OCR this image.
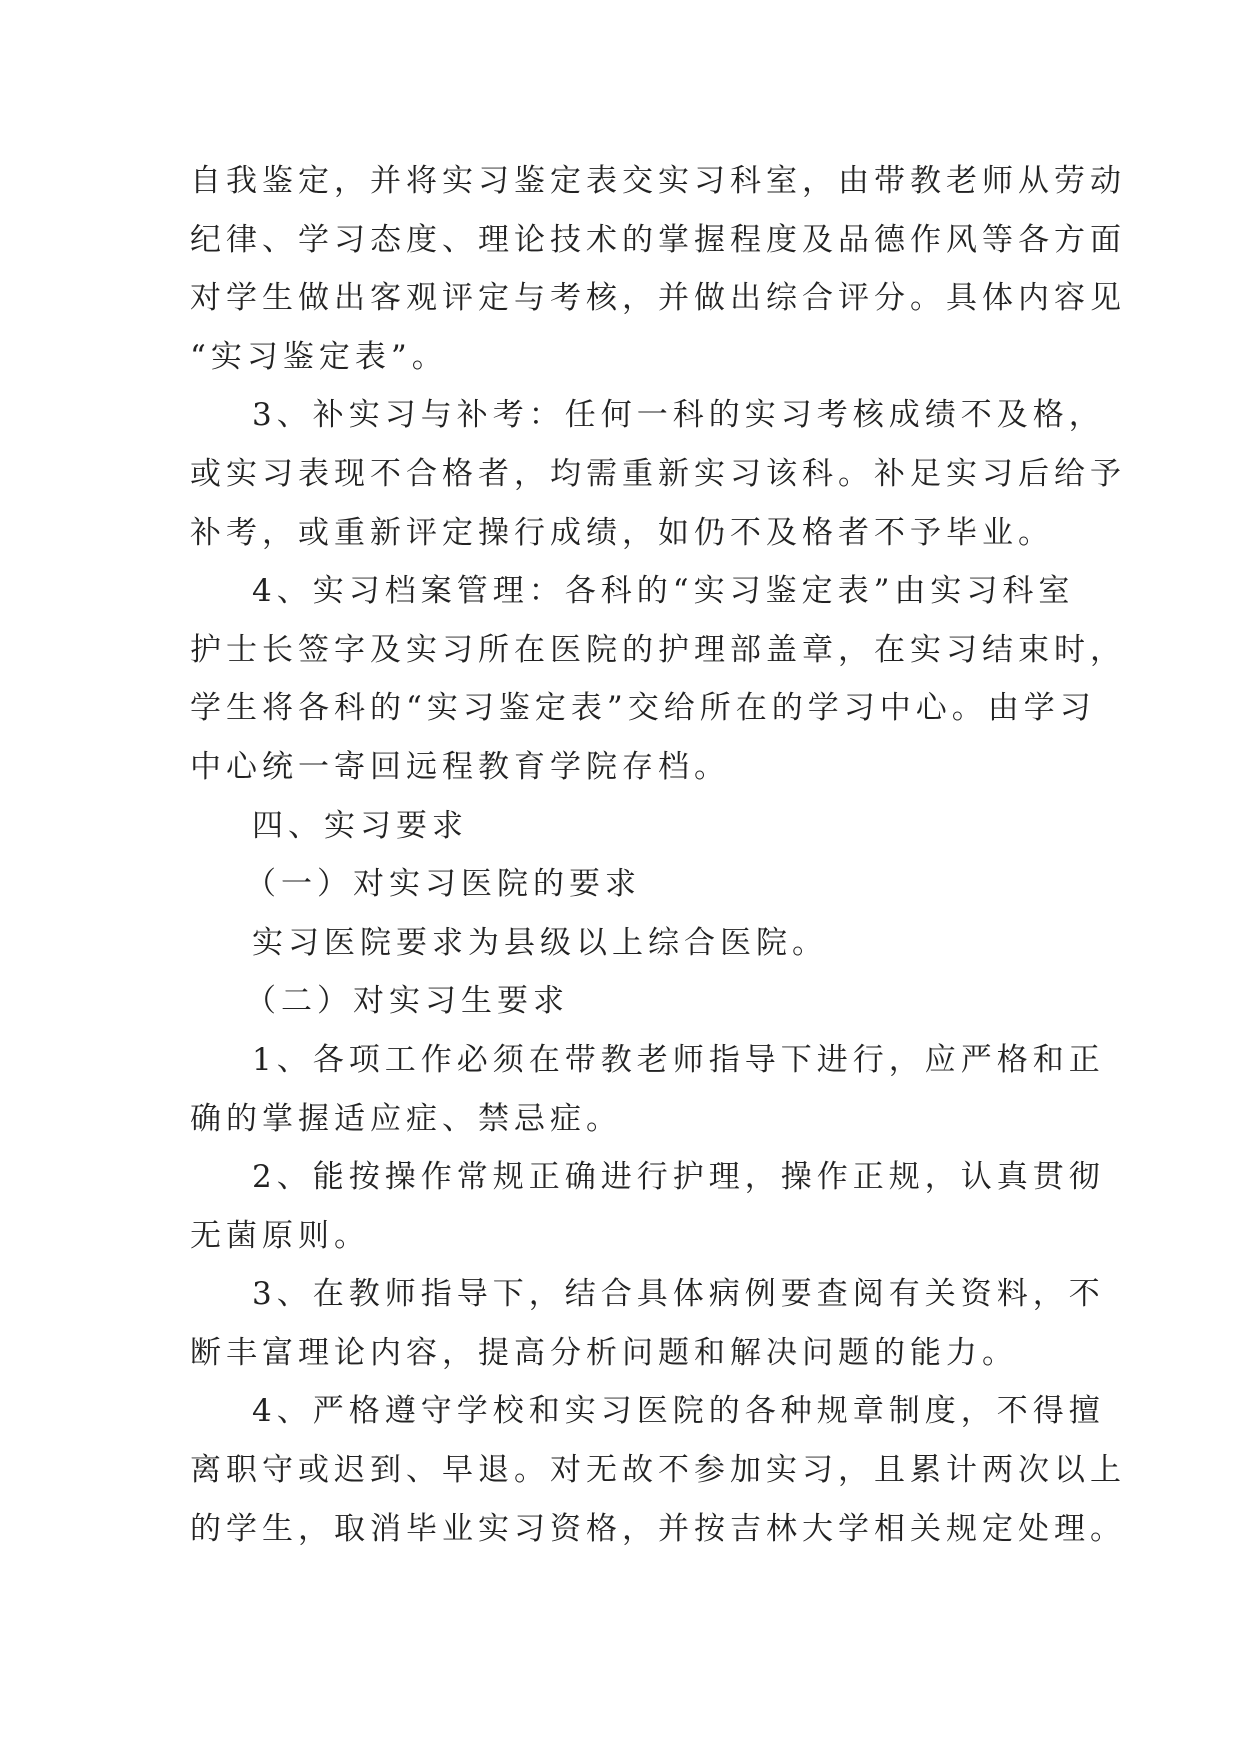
自我鉴定，并将实习鉴定表交实习科室，由带教老师从劳动
纪律、学习态度、理论技术的掌握程度及品德作风等各方面
对学生做出客观评定与考核，并做出综合评分。具体内容见
“实习鉴定表”。
3、补实习与补考：任何一科的实习考核成绩不及格，
或实习表现不合格者，均需重新实习该科。补足实习后给予
补考，或重新评定操行成绩，如仍不及格者不予毕业。
4、实习档案管理：各科的“实习鉴定表”由实习科室
护士长签字及实习所在医院的护理部盖章，在实习结束时，
学生将各科的“实习鉴定表”交给所在的学习中心。由学习
中心统一寄回远程教育学院存档。
四、实习要求
（一）对实习医院的要求
实习医院要求为县级以上综合医院。
（二）对实习生要求
1、各项工作必须在带教老师指导下进行，应严格和正
确的掌握适应症、禁忌症。
2、能按操作常规正确进行护理，操作正规，认真贯彻
无菌原则。
3、在教师指导下，结合具体病例要查阅有关资料，不
断丰富理论内容，提高分析问题和解决问题的能力。
4、严格遵守学校和实习医院的各种规章制度，不得擅
离职守或迟到、早退。对无故不参加实习，且累计两次以上
的学生，取消毕业实习资格，并按吉林大学相关规定处理。
